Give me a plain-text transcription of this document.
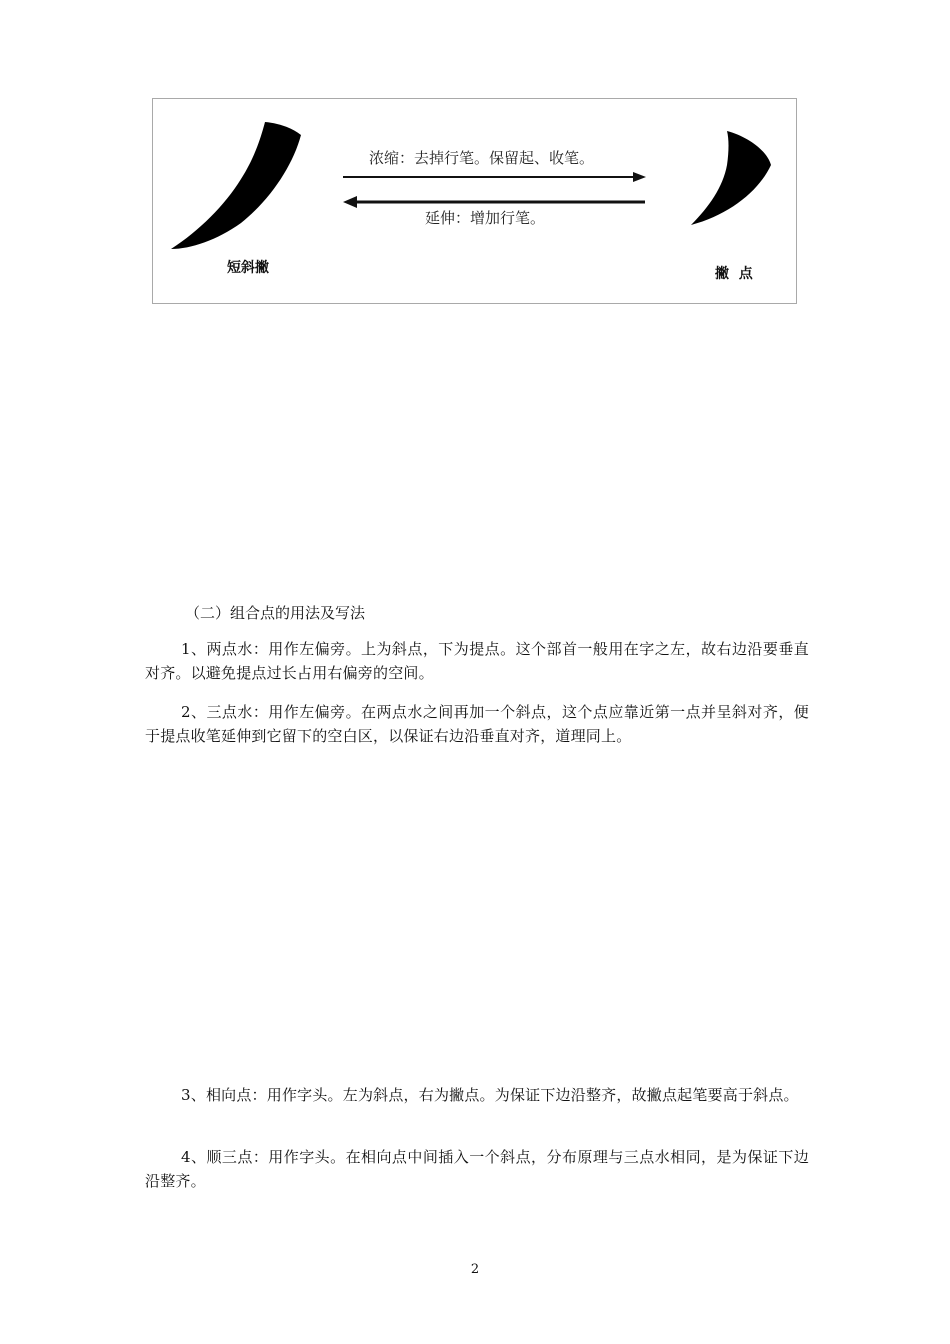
浓缩：去掉行笔。保留起、收笔。
延伸：增加行笔。
短斜撇	撇  点
（二）组合点的用法及写法

1、两点水：用作左偏旁。上为斜点，下为提点。这个部首一般用在字之左，故右边沿要垂直对齐。以避免提点过长占用右偏旁的空间。

2、三点水：用作左偏旁。在两点水之间再加一个斜点，这个点应靠近第一点并呈斜对齐，便于提点收笔延伸到它留下的空白区，以保证右边沿垂直对齐，道理同上。

3、相向点：用作字头。左为斜点，右为撇点。为保证下边沿整齐，故撇点起笔要高于斜点。

4、顺三点：用作字头。在相向点中间插入一个斜点，分布原理与三点水相同，是为保证下边沿整齐。

2
